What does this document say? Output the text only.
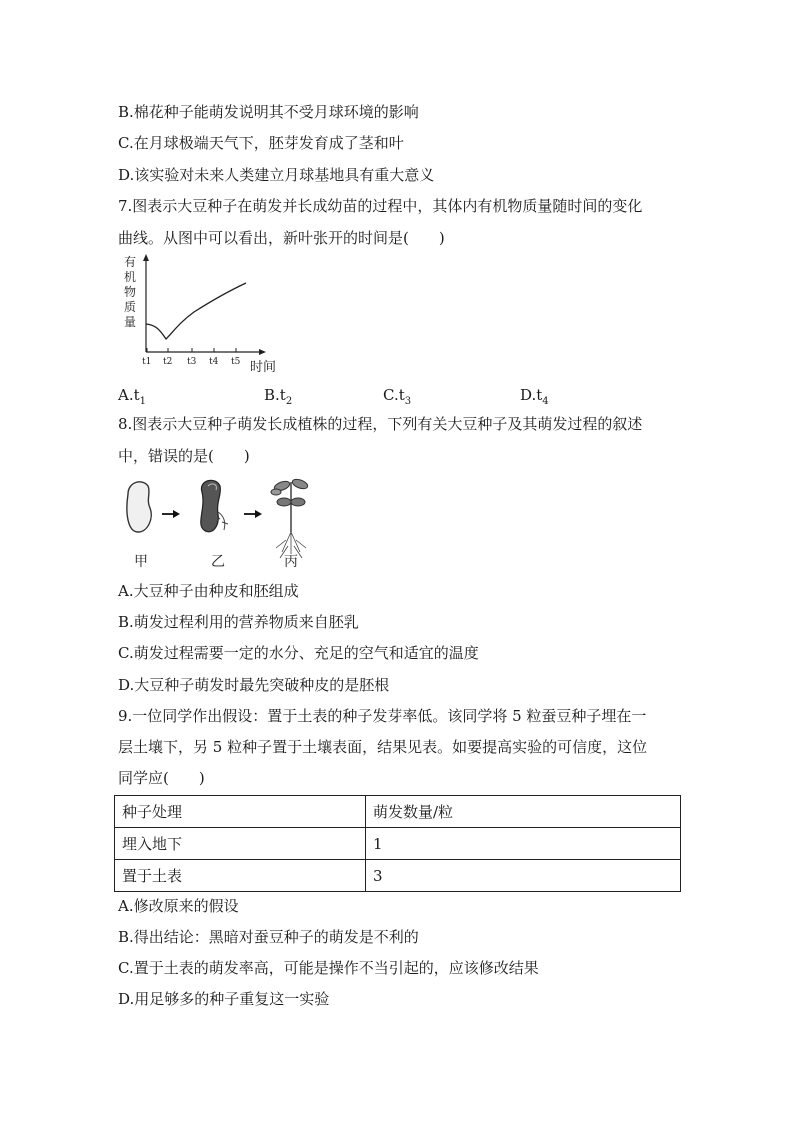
B.棉花种子能萌发说明其不受月球环境的影响
C.在月球极端天气下，胚芽发育成了茎和叶
D.该实验对未来人类建立月球基地具有重大意义
7.图表示大豆种子在萌发并长成幼苗的过程中，其体内有机物质量随时间的变化
曲线。从图中可以看出，新叶张开的时间是(　　)
有
机
物
质
量
t1 t2 t3 t4 t5 时间
$A.t_1$	$B.t_2$	$C.t_3$	$D.t_4$
8.图表示大豆种子萌发长成植株的过程，下列有关大豆种子及其萌发过程的叙述
中，错误的是(　　)
甲	乙	丙
A.大豆种子由种皮和胚组成
B.萌发过程利用的营养物质来自胚乳
C.萌发过程需要一定的水分、充足的空气和适宜的温度
D.大豆种子萌发时最先突破种皮的是胚根
9.一位同学作出假设：置于土表的种子发芽率低。该同学将 5 粒蚕豆种子埋在一
层土壤下，另 5 粒种子置于土壤表面，结果见表。如要提高实验的可信度，这位
同学应(　　)
种子处理	萌发数量/粒
埋入地下	1
置于土表	3
A.修改原来的假设
B.得出结论：黑暗对蚕豆种子的萌发是不利的
C.置于土表的萌发率高，可能是操作不当引起的，应该修改结果
D.用足够多的种子重复这一实验
